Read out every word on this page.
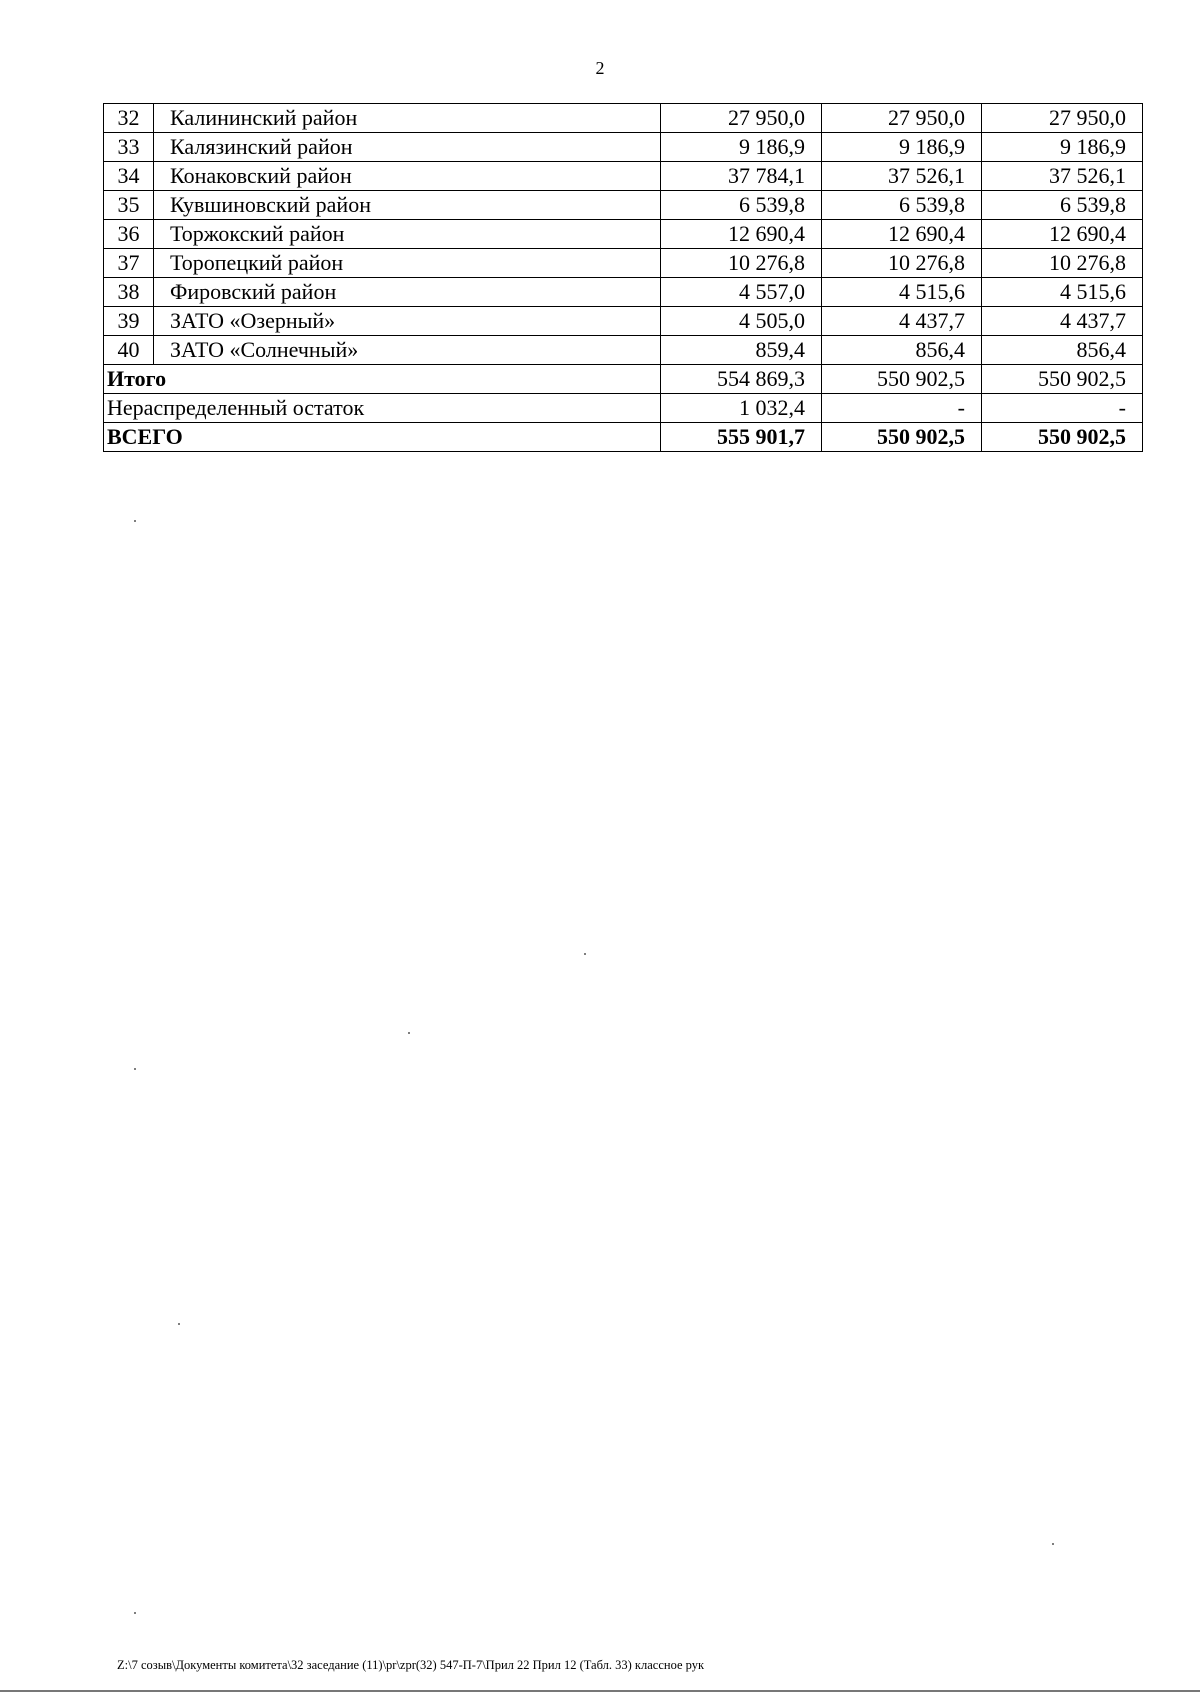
2
32	Калининский район	27 950,0	27 950,0	27 950,0
33	Калязинский район	9 186,9	9 186,9	9 186,9
34	Конаковский район	37 784,1	37 526,1	37 526,1
35	Кувшиновский район	6 539,8	6 539,8	6 539,8
36	Торжокский район	12 690,4	12 690,4	12 690,4
37	Торопецкий район	10 276,8	10 276,8	10 276,8
38	Фировский район	4 557,0	4 515,6	4 515,6
39	ЗАТО «Озерный»	4 505,0	4 437,7	4 437,7
40	ЗАТО «Солнечный»	859,4	856,4	856,4
Итого		554 869,3	550 902,5	550 902,5
Нераспределенный остаток		1 032,4	-	-
ВСЕГО		555 901,7	550 902,5	550 902,5
Z:\7 созыв\Документы комитета\32 заседание (11)\pr\zpr(32) 547-П-7\Прил 22 Прил 12 (Табл. 33) классное рук
